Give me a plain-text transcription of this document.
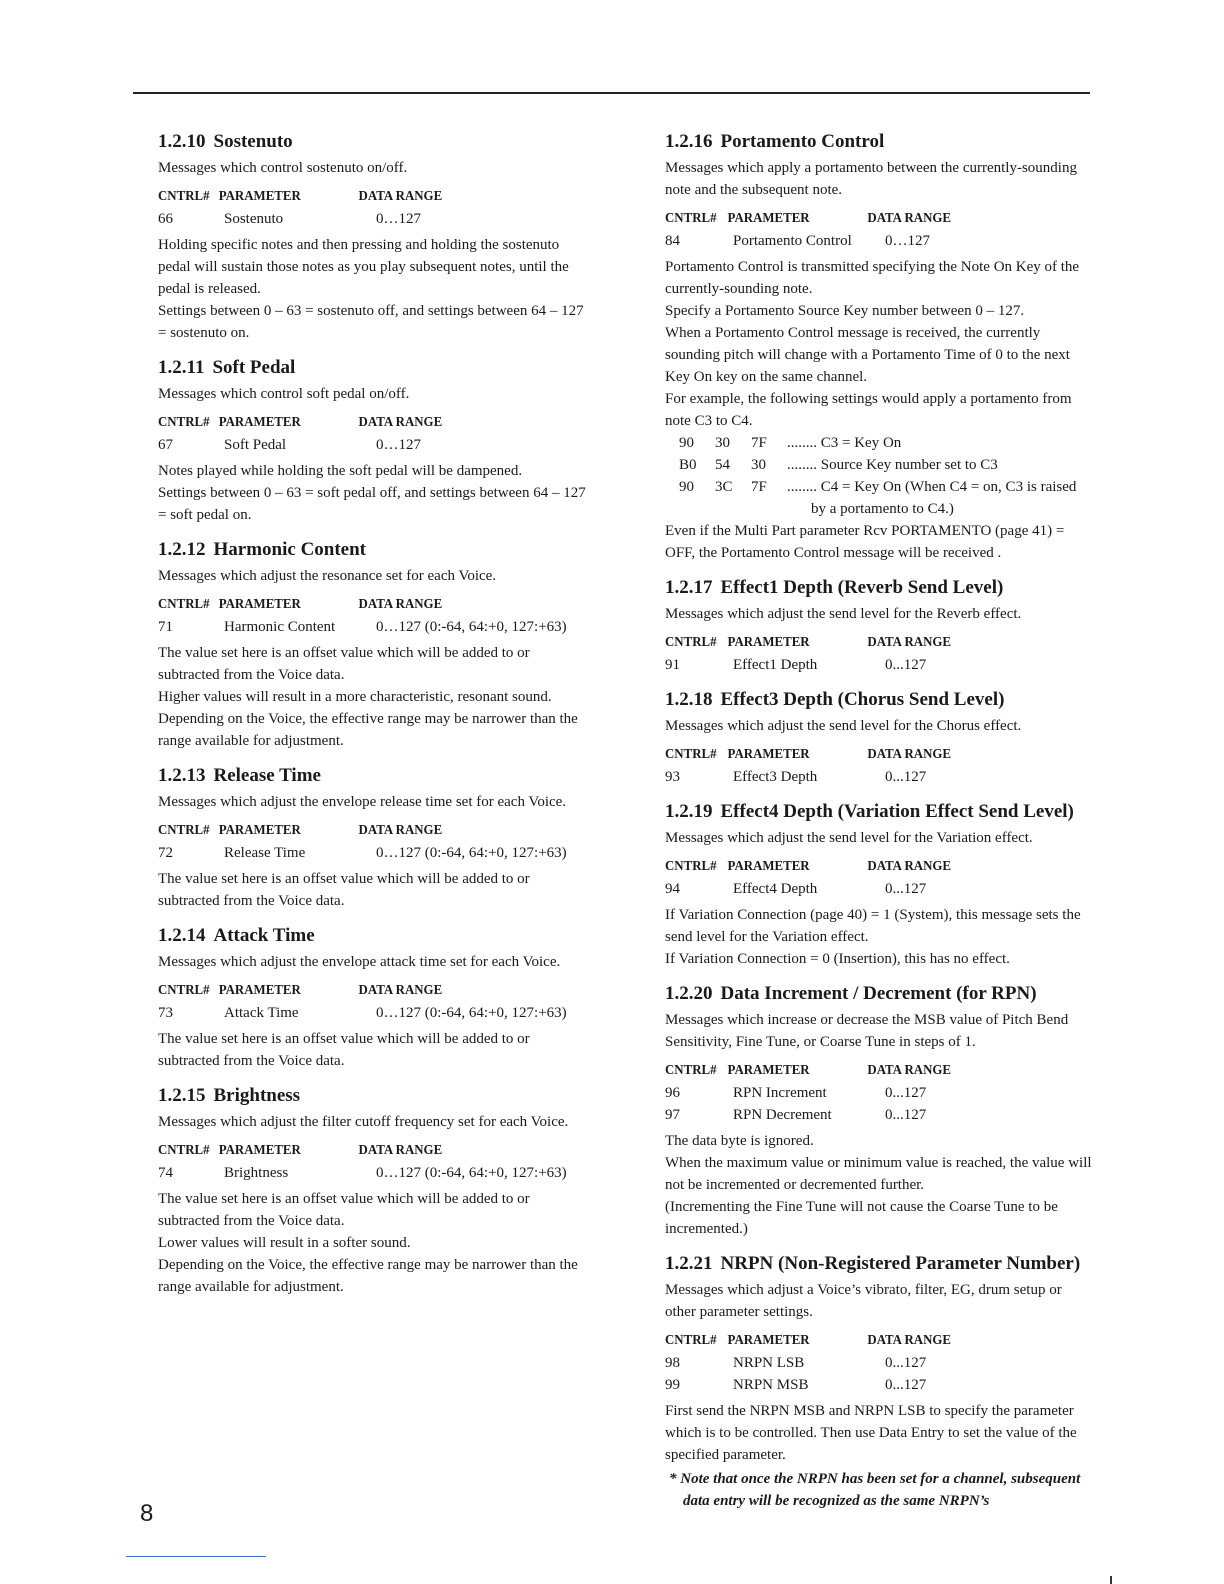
1.2.10 Sostenuto

Messages which control sostenuto on/off.

CNTRL# PARAMETER	DATA RANGE
66	Sostenuto	0…127

Holding specific notes and then pressing and holding the sostenuto pedal will sustain those notes as you play subsequent notes, until the pedal is released.

Settings between 0 – 63 = sostenuto off, and settings between 64 – 127 = sostenuto on.

1.2.11 Soft Pedal

Messages which control soft pedal on/off.

CNTRL# PARAMETER	DATA RANGE
67	Soft Pedal	0…127

Notes played while holding the soft pedal will be dampened.

Settings between 0 – 63 = soft pedal off, and settings between 64 – 127 = soft pedal on.

1.2.12 Harmonic Content

Messages which adjust the resonance set for each Voice.

CNTRL# PARAMETER	DATA RANGE
71	Harmonic Content	0…127 (0:-64, 64:+0, 127:+63)

The value set here is an offset value which will be added to or subtracted from the Voice data.

Higher values will result in a more characteristic, resonant sound.

Depending on the Voice, the effective range may be narrower than the range available for adjustment.

1.2.13 Release Time

Messages which adjust the envelope release time set for each Voice.

CNTRL# PARAMETER	DATA RANGE
72	Release Time	0…127 (0:-64, 64:+0, 127:+63)

The value set here is an offset value which will be added to or subtracted from the Voice data.

1.2.14 Attack Time

Messages which adjust the envelope attack time set for each Voice.

CNTRL# PARAMETER	DATA RANGE
73	Attack Time	0…127 (0:-64, 64:+0, 127:+63)

The value set here is an offset value which will be added to or subtracted from the Voice data.

1.2.15 Brightness

Messages which adjust the filter cutoff frequency set for each Voice.

CNTRL# PARAMETER	DATA RANGE
74	Brightness	0…127 (0:-64, 64:+0, 127:+63)

The value set here is an offset value which will be added to or subtracted from the Voice data.

Lower values will result in a softer sound.

Depending on the Voice, the effective range may be narrower than the range available for adjustment.

1.2.16 Portamento Control

Messages which apply a portamento between the currently-sounding note and the subsequent note.

CNTRL# PARAMETER	DATA RANGE
84	Portamento Control	0…127

Portamento Control is transmitted specifying the Note On Key of the currently-sounding note.

Specify a Portamento Source Key number between 0 – 127.

When a Portamento Control message is received, the currently sounding pitch will change with a Portamento Time of 0 to the next Key On key on the same channel.

For example, the following settings would apply a portamento from note C3 to C4.

90	30	7F	........ C3 = Key On
B0	54	30	........ Source Key number set to C3
90	3C	7F	........ C4 = Key On (When C4 = on, C3 is raised
by a portamento to C4.)

Even if the Multi Part parameter Rcv PORTAMENTO (page 41) = OFF, the Portamento Control message will be received .

1.2.17 Effect1 Depth (Reverb Send Level)

Messages which adjust the send level for the Reverb effect.

CNTRL# PARAMETER	DATA RANGE
91	Effect1 Depth	0...127
1.2.18 Effect3 Depth (Chorus Send Level)

Messages which adjust the send level for the Chorus effect.

CNTRL# PARAMETER	DATA RANGE
93	Effect3 Depth	0...127
1.2.19 Effect4 Depth (Variation Effect Send Level)

Messages which adjust the send level for the Variation effect.

CNTRL# PARAMETER	DATA RANGE
94	Effect4 Depth	0...127

If Variation Connection (page 40) = 1 (System), this message sets the send level for the Variation effect.

If Variation Connection = 0 (Insertion), this has no effect.

1.2.20 Data Increment / Decrement (for RPN)

Messages which increase or decrease the MSB value of Pitch Bend Sensitivity, Fine Tune, or Coarse Tune in steps of 1.

CNTRL# PARAMETER	DATA RANGE
96	RPN Increment	0...127
97	RPN Decrement	0...127

The data byte is ignored.

When the maximum value or minimum value is reached, the value will not be incremented or decremented further.

(Incrementing the Fine Tune will not cause the Coarse Tune to be incremented.)

1.2.21 NRPN (Non-Registered Parameter Number)

Messages which adjust a Voice’s vibrato, filter, EG, drum setup or other parameter settings.

CNTRL# PARAMETER	DATA RANGE
98	NRPN LSB	0...127
99	NRPN MSB	0...127

First send the NRPN MSB and NRPN LSB to specify the parameter which is to be controlled. Then use Data Entry to set the value of the specified parameter.

* Note that once the NRPN has been set for a channel, subsequent data entry will be recognized as the same NRPN’s

8
